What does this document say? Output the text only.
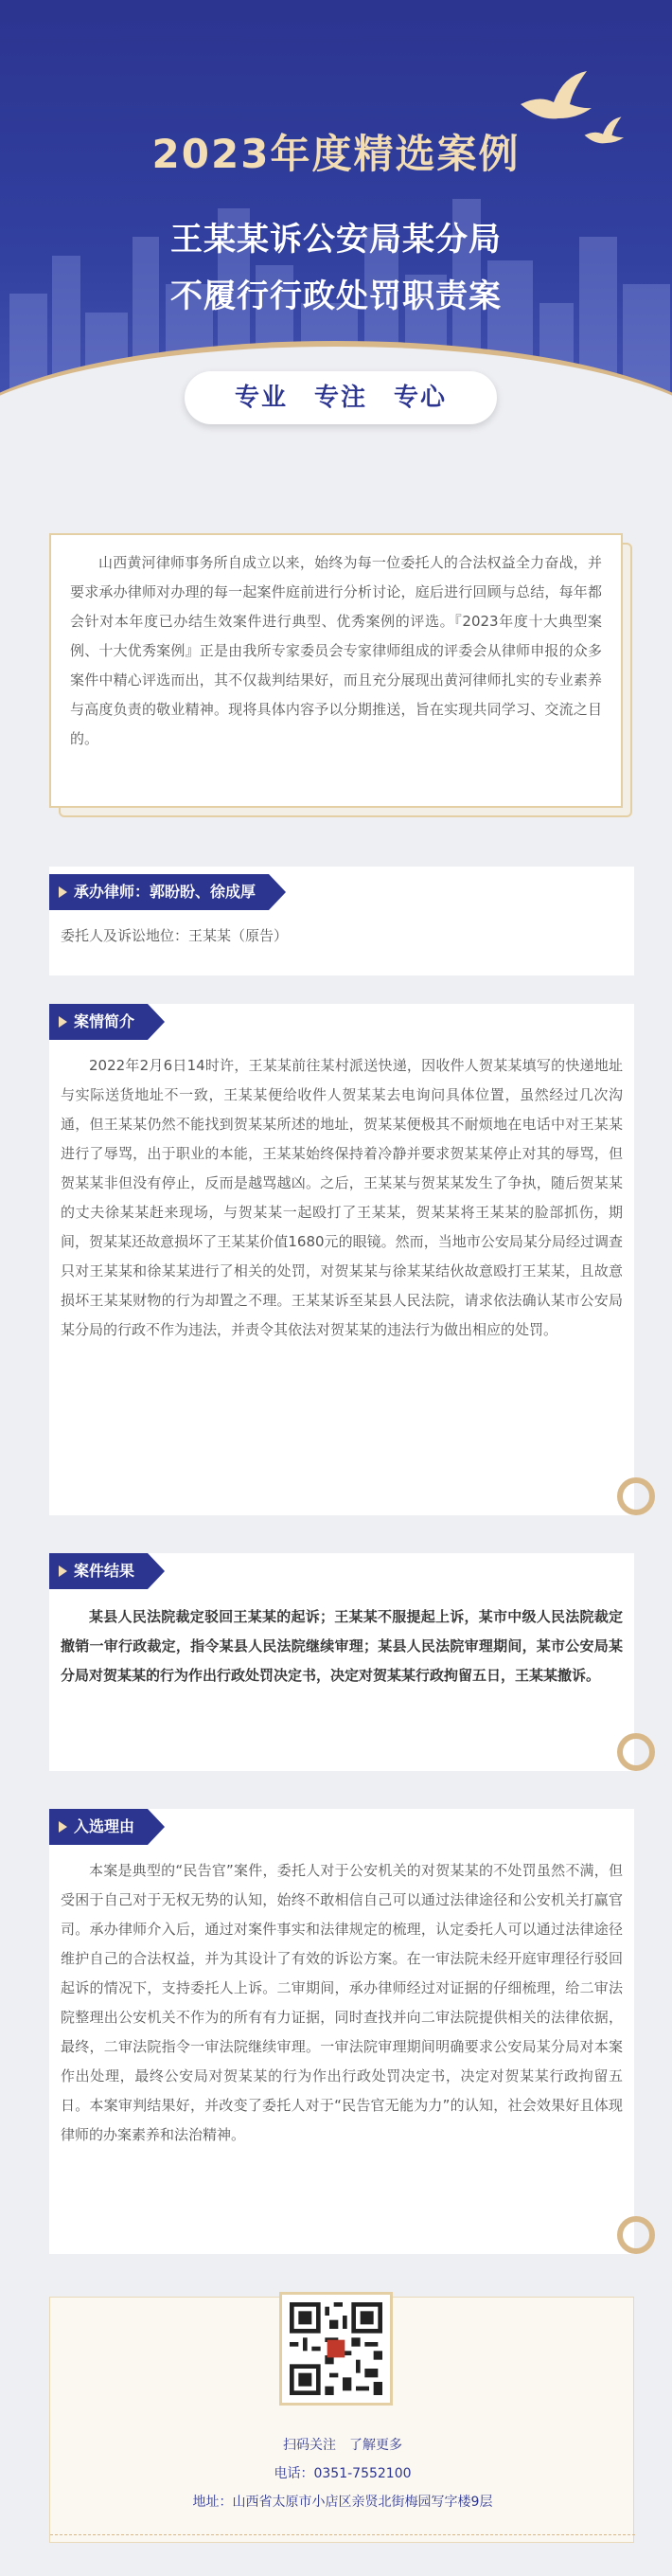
2023年度精选案例
王某某诉公安局某分局
不履行行政处罚职责案
专业　专注　专心

山西黄河律师事务所自成立以来，始终为每一位委托人的合法权益全力奋战，并要求承办律师对办理的每一起案件庭前进行分析讨论，庭后进行回顾与总结，每年都会针对本年度已办结生效案件进行典型、优秀案例的评选。『2023年度十大典型案例、十大优秀案例』正是由我所专家委员会专家律师组成的评委会从律师申报的众多案件中精心评选而出，其不仅裁判结果好，而且充分展现出黄河律师扎实的专业素养与高度负责的敬业精神。现将具体内容予以分期推送，旨在实现共同学习、交流之目的。

承办律师：郭盼盼、徐成厚

委托人及诉讼地位：王某某（原告）

案情简介

2022年2月6日14时许，王某某前往某村派送快递，因收件人贺某某填写的快递地址与实际送货地址不一致，王某某便给收件人贺某某去电询问具体位置，虽然经过几次沟通，但王某某仍然不能找到贺某某所述的地址，贺某某便极其不耐烦地在电话中对王某某进行了辱骂，出于职业的本能，王某某始终保持着冷静并要求贺某某停止对其的辱骂，但贺某某非但没有停止，反而是越骂越凶。之后，王某某与贺某某发生了争执，随后贺某某的丈夫徐某某赶来现场，与贺某某一起殴打了王某某，贺某某将王某某的脸部抓伤，期间，贺某某还故意损坏了王某某价值1680元的眼镜。然而，当地市公安局某分局经过调查只对王某某和徐某某进行了相关的处罚，对贺某某与徐某某结伙故意殴打王某某，且故意损坏王某某财物的行为却置之不理。王某某诉至某县人民法院，请求依法确认某市公安局某分局的行政不作为违法，并责令其依法对贺某某的违法行为做出相应的处罚。

案件结果

某县人民法院裁定驳回王某某的起诉；王某某不服提起上诉，某市中级人民法院裁定撤销一审行政裁定，指令某县人民法院继续审理；某县人民法院审理期间，某市公安局某分局对贺某某的行为作出行政处罚决定书，决定对贺某某行政拘留五日，王某某撤诉。

入选理由

本案是典型的“民告官”案件，委托人对于公安机关的对贺某某的不处罚虽然不满，但受困于自己对于无权无势的认知，始终不敢相信自己可以通过法律途径和公安机关打赢官司。承办律师介入后，通过对案件事实和法律规定的梳理，认定委托人可以通过法律途径维护自己的合法权益，并为其设计了有效的诉讼方案。在一审法院未经开庭审理径行驳回起诉的情况下，支持委托人上诉。二审期间，承办律师经过对证据的仔细梳理，给二审法院整理出公安机关不作为的所有有力证据，同时查找并向二审法院提供相关的法律依据，最终，二审法院指令一审法院继续审理。一审法院审理期间明确要求公安局某分局对本案作出处理，最终公安局对贺某某的行为作出行政处罚决定书，决定对贺某某行政拘留五日。本案审判结果好，并改变了委托人对于“民告官无能为力”的认知，社会效果好且体现律师的办案素养和法治精神。

扫码关注　了解更多
电话：0351-7552100
地址：山西省太原市小店区亲贤北街梅园写字楼9层
